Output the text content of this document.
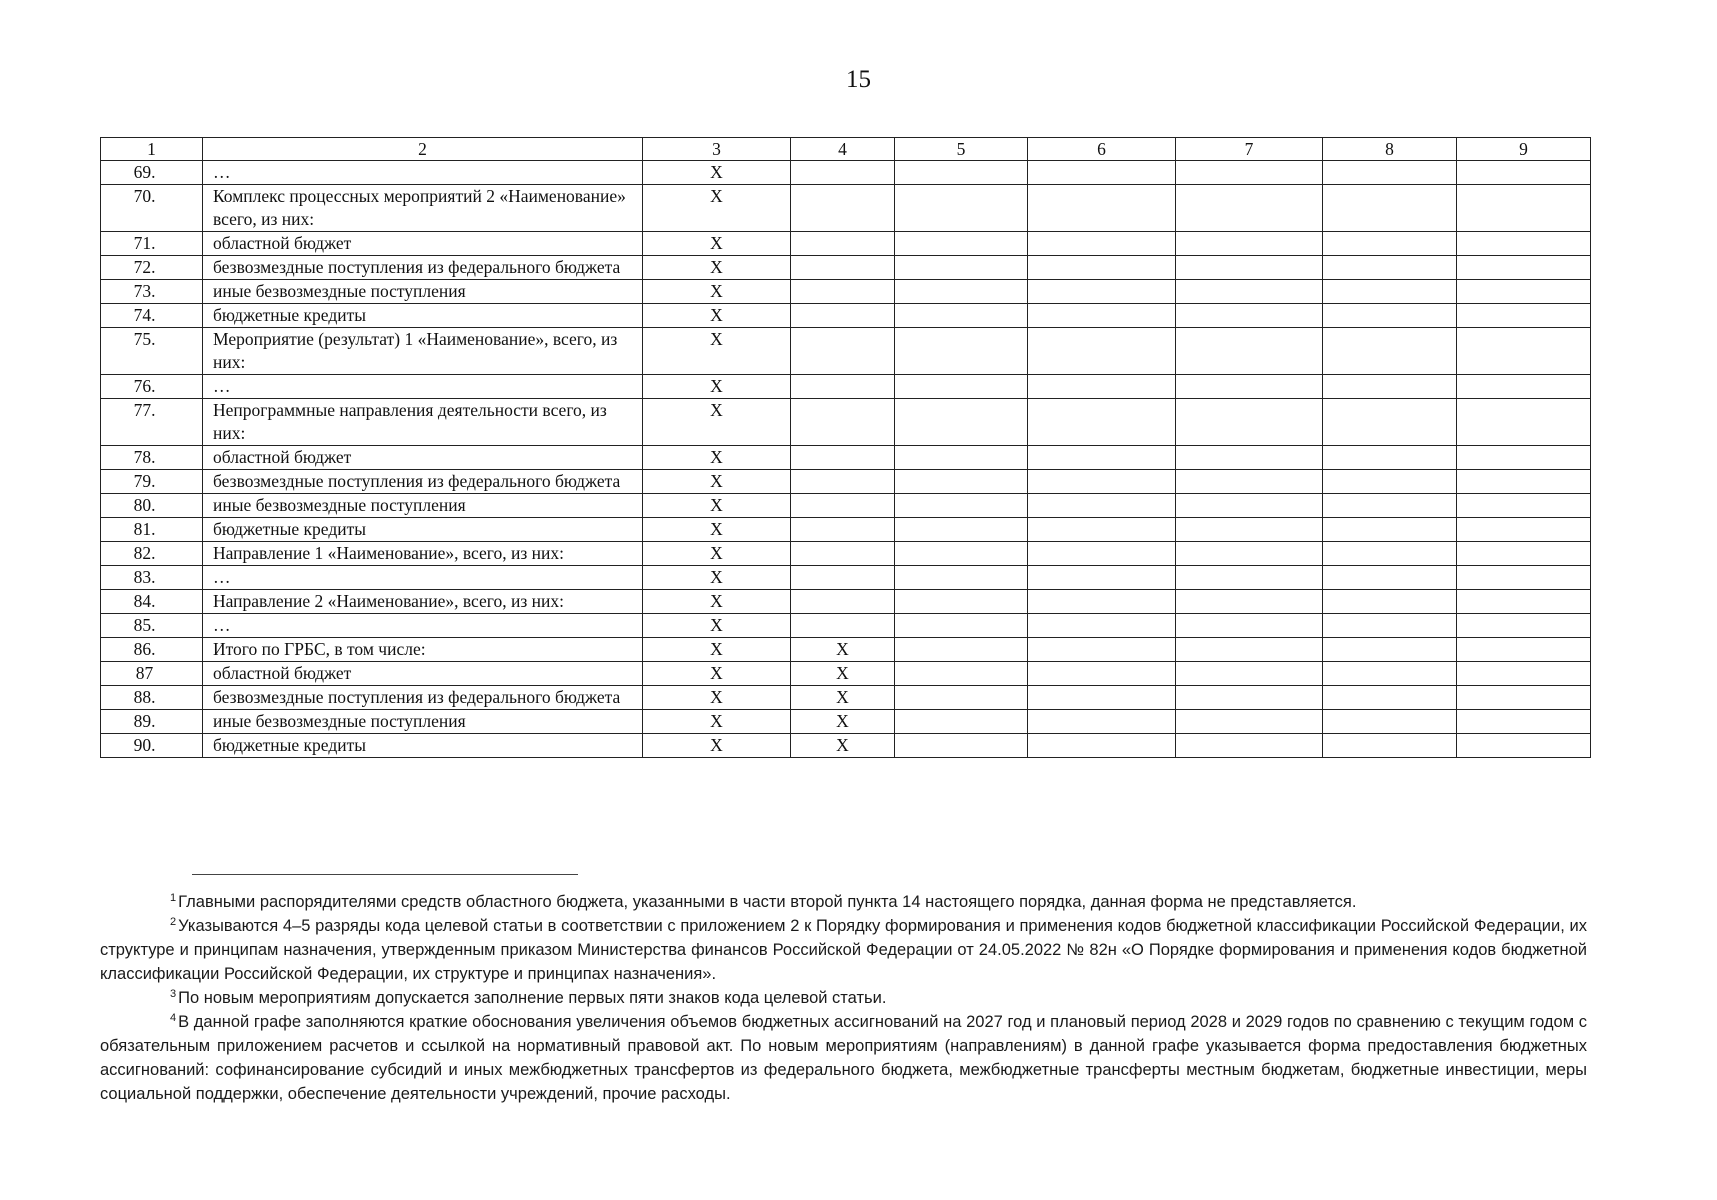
15
1	2	3	4	5	6	7	8	9
69.	…	X						
70.	Комплекс процессных мероприятий 2 «Наименование» всего, из них:	X						
71.	областной бюджет	X						
72.	безвозмездные поступления из федерального бюджета	X						
73.	иные безвозмездные поступления	X						
74.	бюджетные кредиты	X						
75.	Мероприятие (результат) 1 «Наименование», всего, из них:	X						
76.	…	X						
77.	Непрограммные направления деятельности всего, из них:	X						
78.	областной бюджет	X						
79.	безвозмездные поступления из федерального бюджета	X						
80.	иные безвозмездные поступления	X						
81.	бюджетные кредиты	X						
82.	Направление 1 «Наименование», всего, из них:	X						
83.	…	X						
84.	Направление 2 «Наименование», всего, из них:	X						
85.	…	X						
86.	Итого по ГРБС, в том числе:	X	X					
87	областной бюджет	X	X					
88.	безвозмездные поступления из федерального бюджета	X	X					
89.	иные безвозмездные поступления	X	X					
90.	бюджетные кредиты	X	X					

$^1$ Главными распорядителями средств областного бюджета, указанными в части второй пункта 14 настоящего порядка, данная форма не представляется.

$^2$ Указываются 4–5 разряды кода целевой статьи в соответствии с приложением 2 к Порядку формирования и применения кодов бюджетной классификации Российской Федерации, их структуре и принципам назначения, утвержденным приказом Министерства финансов Российской Федерации от 24.05.2022 № 82н «О Порядке формирования и применения кодов бюджетной классификации Российской Федерации, их структуре и принципах назначения».

$^3$ По новым мероприятиям допускается заполнение первых пяти знаков кода целевой статьи.

$^4$ В данной графе заполняются краткие обоснования увеличения объемов бюджетных ассигнований на 2027 год и плановый период 2028 и 2029 годов по сравнению с текущим годом с обязательным приложением расчетов и ссылкой на нормативный правовой акт. По новым мероприятиям (направлениям) в данной графе указывается форма предоставления бюджетных ассигнований: софинансирование субсидий и иных межбюджетных трансфертов из федерального бюджета, межбюджетные трансферты местным бюджетам, бюджетные инвестиции, меры социальной поддержки, обеспечение деятельности учреждений, прочие расходы.
